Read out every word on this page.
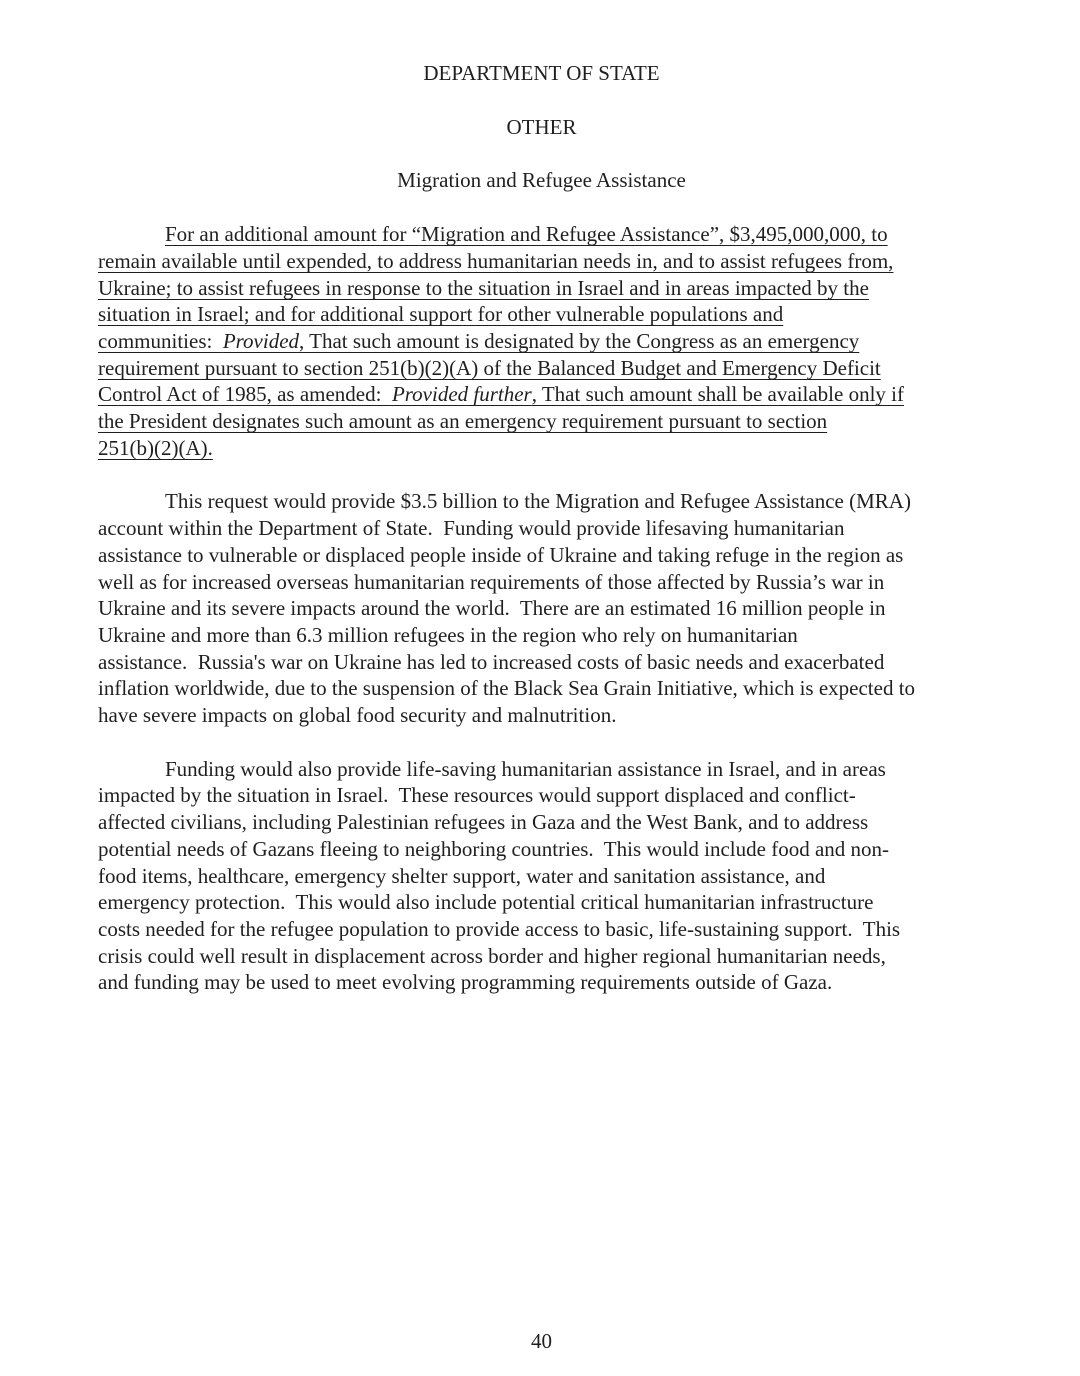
DEPARTMENT OF STATE
OTHER
Migration and Refugee Assistance
For an additional amount for “Migration and Refugee Assistance”, $3,495,000,000, to
remain available until expended, to address humanitarian needs in, and to assist refugees from,
Ukraine; to assist refugees in response to the situation in Israel and in areas impacted by the
situation in Israel; and for additional support for other vulnerable populations and
communities:  Provided, That such amount is designated by the Congress as an emergency
requirement pursuant to section 251(b)(2)(A) of the Balanced Budget and Emergency Deficit
Control Act of 1985, as amended:  Provided further, That such amount shall be available only if
the President designates such amount as an emergency requirement pursuant to section
251(b)(2)(A).
This request would provide $3.5 billion to the Migration and Refugee Assistance (MRA)
account within the Department of State.  Funding would provide lifesaving humanitarian
assistance to vulnerable or displaced people inside of Ukraine and taking refuge in the region as
well as for increased overseas humanitarian requirements of those affected by Russia’s war in
Ukraine and its severe impacts around the world.  There are an estimated 16 million people in
Ukraine and more than 6.3 million refugees in the region who rely on humanitarian
assistance.  Russia's war on Ukraine has led to increased costs of basic needs and exacerbated
inflation worldwide, due to the suspension of the Black Sea Grain Initiative, which is expected to
have severe impacts on global food security and malnutrition.
Funding would also provide life-saving humanitarian assistance in Israel, and in areas
impacted by the situation in Israel.  These resources would support displaced and conflict-
affected civilians, including Palestinian refugees in Gaza and the West Bank, and to address
potential needs of Gazans fleeing to neighboring countries.  This would include food and non-
food items, healthcare, emergency shelter support, water and sanitation assistance, and
emergency protection.  This would also include potential critical humanitarian infrastructure
costs needed for the refugee population to provide access to basic, life-sustaining support.  This
crisis could well result in displacement across border and higher regional humanitarian needs,
and funding may be used to meet evolving programming requirements outside of Gaza.
40
